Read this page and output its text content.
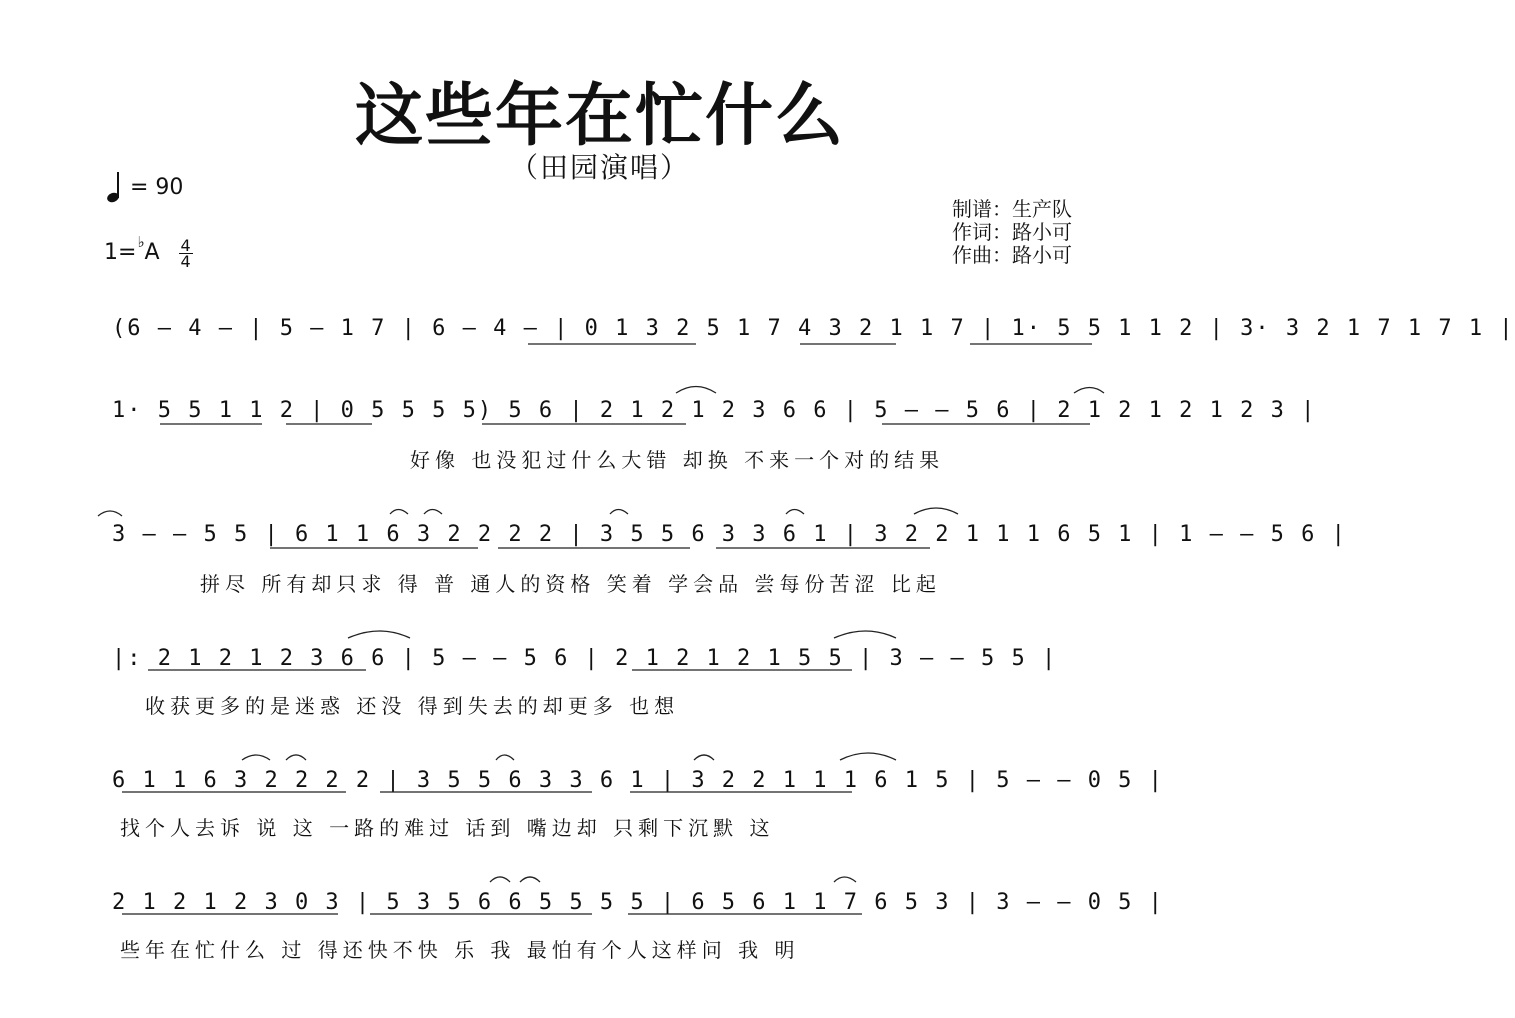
这些年在忙什么
（田园演唱）
= 90
$1=^♭A \frac{4}{4}$
制谱：生产队
作词：路小可
作曲：路小可
(6 — 4 — | 5 — 1 7 | 6 — 4 — | 0 1 3 2 5 1 7 4 3 2 1 1 7 | 1· 5 5 1 1 2 | 3· 3 2 1 7 1 7 1 |
1· 5 5 1 1 2 | 0 5 5 5 5) 5 6 | 2 1 2 1 2 3 6 6 | 5 — — 5 6 | 2 1 2 1 2 1 2 3 |
好像 也没犯过什么大错 却换 不来一个对的结果
3 — — 5 5 | 6 1 1 6 3 2 2 2 2 | 3 5 5 6 3 3 6 1 | 3 2 2 1 1 1 6 5 1 | 1 — — 5 6 |
拼尽 所有却只求 得 普 通人的资格 笑着 学会品 尝每份苦涩 比起
|: 2 1 2 1 2 3 6 6 | 5 — — 5 6 | 2 1 2 1 2 1 5 5 | 3 — — 5 5 |
收获更多的是迷惑 还没 得到失去的却更多 也想
6 1 1 6 3 2 2 2 2 | 3 5 5 6 3 3 6 1 | 3 2 2 1 1 1 6 1 5 | 5 — — 0 5 |
找个人去诉 说 这 一路的难过 话到 嘴边却 只剩下沉默 这
2 1 2 1 2 3 0 3 | 5 3 5 6 6 5 5 5 5 | 6 5 6 1 1 7 6 5 3 | 3 — — 0 5 |
些年在忙什么 过 得还快不快 乐 我 最怕有个人这样问 我 明
